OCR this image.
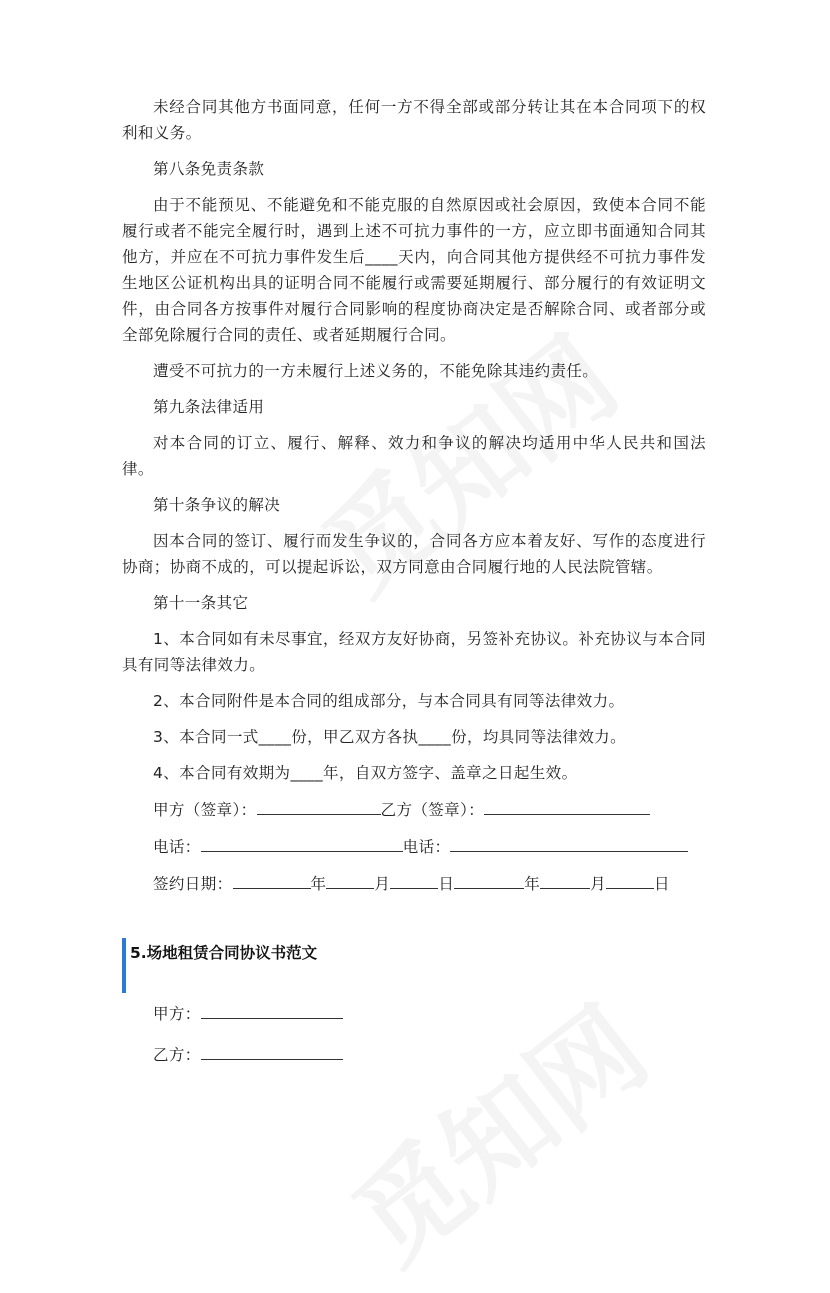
未经合同其他方书面同意，任何一方不得全部或部分转让其在本合同项下的权利和义务。

第八条免责条款

由于不能预见、不能避免和不能克服的自然原因或社会原因，致使本合同不能履行或者不能完全履行时，遇到上述不可抗力事件的一方，应立即书面通知合同其他方，并应在不可抗力事件发生后____天内，向合同其他方提供经不可抗力事件发生地区公证机构出具的证明合同不能履行或需要延期履行、部分履行的有效证明文件，由合同各方按事件对履行合同影响的程度协商决定是否解除合同、或者部分或全部免除履行合同的责任、或者延期履行合同。

遭受不可抗力的一方未履行上述义务的，不能免除其违约责任。

第九条法律适用

对本合同的订立、履行、解释、效力和争议的解决均适用中华人民共和国法律。

第十条争议的解决

因本合同的签订、履行而发生争议的，合同各方应本着友好、写作的态度进行协商；协商不成的，可以提起诉讼，双方同意由合同履行地的人民法院管辖。

第十一条其它

1、本合同如有未尽事宜，经双方友好协商，另签补充协议。补充协议与本合同具有同等法律效力。

2、本合同附件是本合同的组成部分，与本合同具有同等法律效力。

3、本合同一式____份，甲乙双方各执____份，均具同等法律效力。

4、本合同有效期为____年，自双方签字、盖章之日起生效。

甲方（签章）：	乙方（签章）：
电话：	电话：
签约日期：	年	月	日	年	月	日
5.场地租赁合同协议书范文
甲方：
乙方：
